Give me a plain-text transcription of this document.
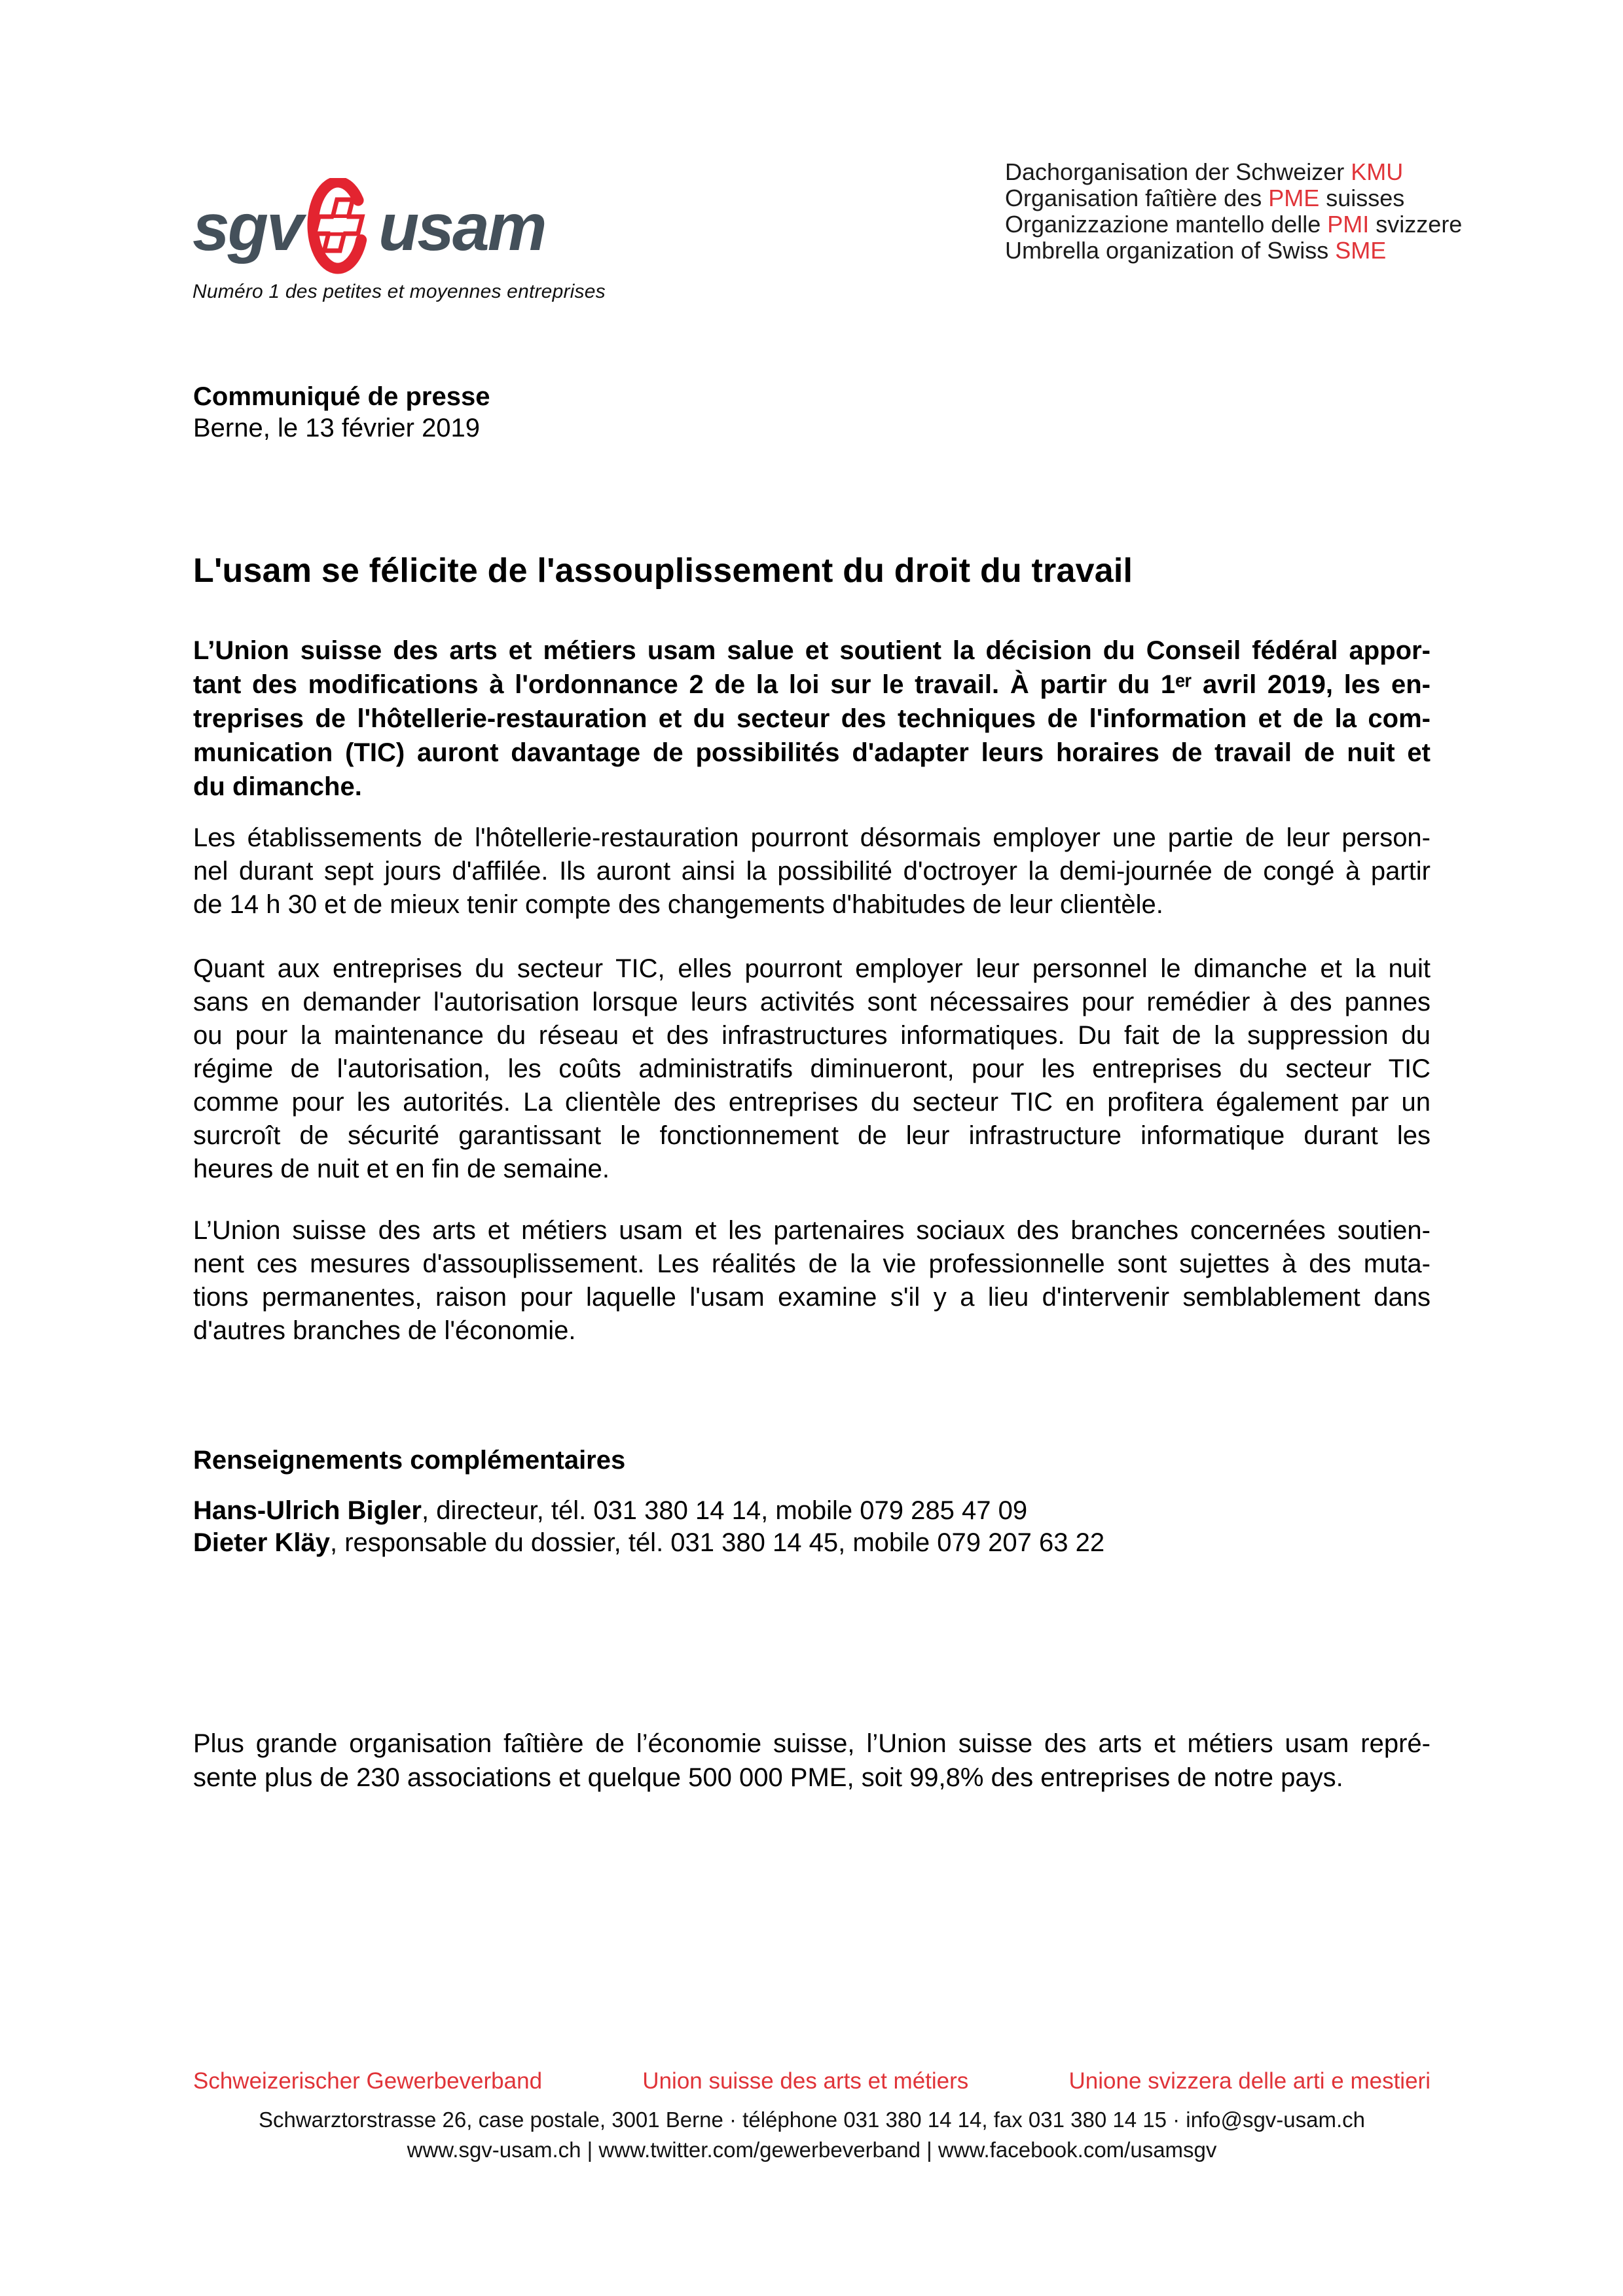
sgv usam
Numéro 1 des petites et moyennes entreprises
Dachorganisation der Schweizer KMU
Organisation faîtière des PME suisses
Organizzazione mantello delle PMI svizzere
Umbrella organization of Swiss SME
Communiqué de presse
Berne, le 13 février 2019
L'usam se félicite de l'assouplissement du droit du travail
L’Union suisse des arts et métiers usam salue et soutient la décision du Conseil fédéral appor-
tant des modifications à l'ordonnance 2 de la loi sur le travail. À partir du 1ᵉʳ avril 2019, les en-
treprises de l'hôtellerie-restauration et du secteur des techniques de l'information et de la com-
munication (TIC) auront davantage de possibilités d'adapter leurs horaires de travail de nuit et
du dimanche.
Les établissements de l'hôtellerie-restauration pourront désormais employer une partie de leur person-
nel durant sept jours d'affilée. Ils auront ainsi la possibilité d'octroyer la demi-journée de congé à partir
de 14 h 30 et de mieux tenir compte des changements d'habitudes de leur clientèle.
Quant aux entreprises du secteur TIC, elles pourront employer leur personnel le dimanche et la nuit
sans en demander l'autorisation lorsque leurs activités sont nécessaires pour remédier à des pannes
ou pour la maintenance du réseau et des infrastructures informatiques. Du fait de la suppression du
régime de l'autorisation, les coûts administratifs diminueront, pour les entreprises du secteur TIC
comme pour les autorités. La clientèle des entreprises du secteur TIC en profitera également par un
surcroît de sécurité garantissant le fonctionnement de leur infrastructure informatique durant les
heures de nuit et en fin de semaine.
L’Union suisse des arts et métiers usam et les partenaires sociaux des branches concernées soutien-
nent ces mesures d'assouplissement. Les réalités de la vie professionnelle sont sujettes à des muta-
tions permanentes, raison pour laquelle l'usam examine s'il y a lieu d'intervenir semblablement dans
d'autres branches de l'économie.
Renseignements complémentaires
Hans-Ulrich Bigler, directeur, tél. 031 380 14 14, mobile 079 285 47 09
Dieter Kläy, responsable du dossier, tél. 031 380 14 45, mobile 079 207 63 22
Plus grande organisation faîtière de l’économie suisse, l’Union suisse des arts et métiers usam repré-
sente plus de 230 associations et quelque 500 000 PME, soit 99,8% des entreprises de notre pays.
Schweizerischer Gewerbeverband	Union suisse des arts et métiers	Unione svizzera delle arti e mestieri
Schwarztorstrasse 26, case postale, 3001 Berne · téléphone 031 380 14 14, fax 031 380 14 15 · info@sgv-usam.ch
www.sgv-usam.ch | www.twitter.com/gewerbeverband | www.facebook.com/usamsgv
